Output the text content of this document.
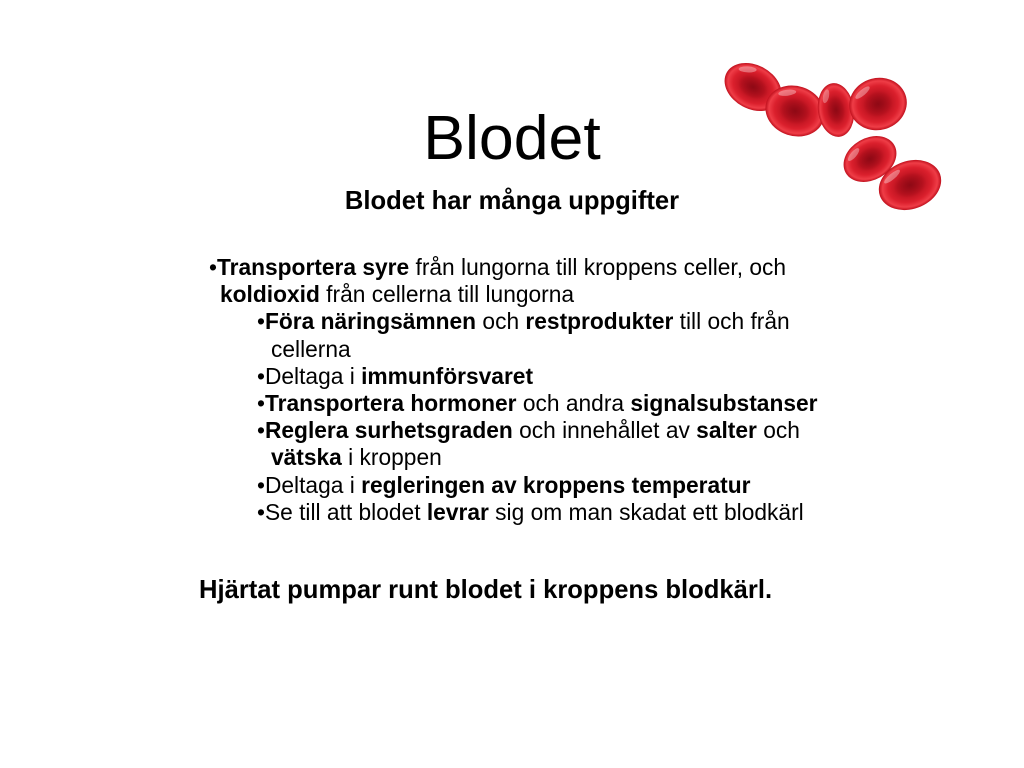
Blodet
Blodet har många uppgifter
•Transportera syre från lungorna till kroppens celler, och
koldioxid från cellerna till lungorna
•Föra näringsämnen och restprodukter till och från
cellerna
•Deltaga i immunförsvaret
•Transportera hormoner och andra signalsubstanser
•Reglera surhetsgraden och innehållet av salter och
vätska i kroppen
•Deltaga i regleringen av kroppens temperatur
•Se till att blodet levrar sig om man skadat ett blodkärl

Hjärtat pumpar runt blodet i kroppens blodkärl.
